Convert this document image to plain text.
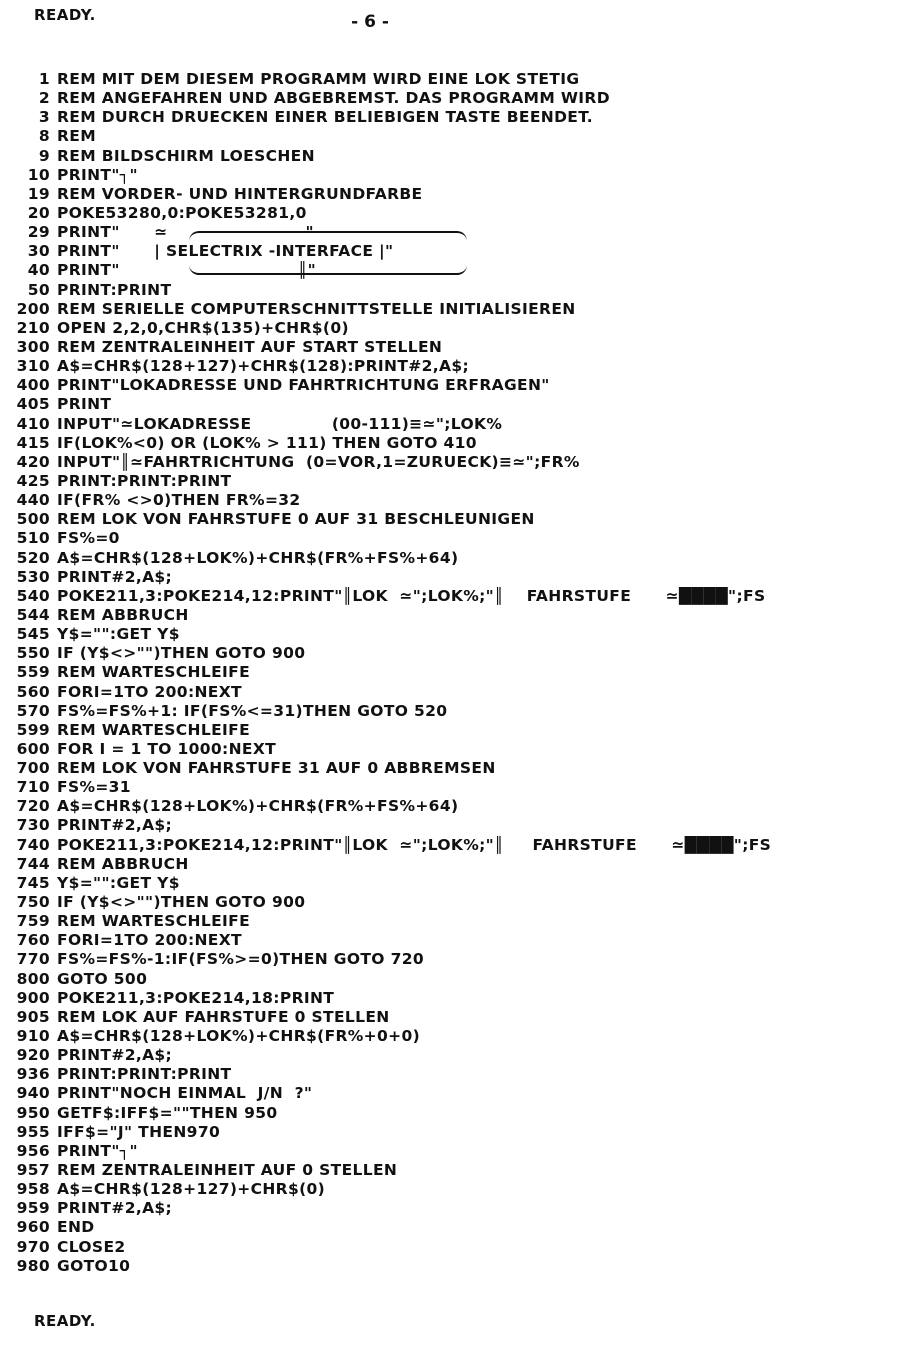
READY.	- 6 -
1 REM MIT DEM DIESEM PROGRAMM WIRD EINE LOK STETIG
2 REM ANGEFAHREN UND ABGEBREMST. DAS PROGRAMM WIRD
3 REM DURCH DRUECKEN EINER BELIEBIGEN TASTE BEENDET.
8 REM
9 REM BILDSCHIRM LOESCHEN
10 PRINT"┐"
19 REM VORDER- UND HINTERGRUNDFARBE
20 POKE53280,0:POKE53281,0
29 PRINT"      ≃                        "
30 PRINT"      | SELECTRIX -INTERFACE |"
40 PRINT"                               ║"
50 PRINT:PRINT
200 REM SERIELLE COMPUTERSCHNITTSTELLE INITIALISIEREN
210 OPEN 2,2,0,CHR$(135)+CHR$(0)
300 REM ZENTRALEINHEIT AUF START STELLEN
310 A$=CHR$(128+127)+CHR$(128):PRINT#2,A$;
400 PRINT"LOKADRESSE UND FAHRTRICHTUNG ERFRAGEN"
405 PRINT
410 INPUT"≃LOKADRESSE              (00-111)≡≃";LOK%
415 IF(LOK%<0) OR (LOK% > 111) THEN GOTO 410
420 INPUT"║≃FAHRTRICHTUNG  (0=VOR,1=ZURUECK)≡≃";FR%
425 PRINT:PRINT:PRINT
440 IF(FR% <>0)THEN FR%=32
500 REM LOK VON FAHRSTUFE 0 AUF 31 BESCHLEUNIGEN
510 FS%=0
520 A$=CHR$(128+LOK%)+CHR$(FR%+FS%+64)
530 PRINT#2,A$;
540 POKE211,3:POKE214,12:PRINT"║LOK  ≃";LOK%;"║    FAHRSTUFE      ≃████";FS
544 REM ABBRUCH
545 Y$="":GET Y$
550 IF (Y$<>"")THEN GOTO 900
559 REM WARTESCHLEIFE
560 FORI=1TO 200:NEXT
570 FS%=FS%+1: IF(FS%<=31)THEN GOTO 520
599 REM WARTESCHLEIFE
600 FOR I = 1 TO 1000:NEXT
700 REM LOK VON FAHRSTUFE 31 AUF 0 ABBREMSEN
710 FS%=31
720 A$=CHR$(128+LOK%)+CHR$(FR%+FS%+64)
730 PRINT#2,A$;
740 POKE211,3:POKE214,12:PRINT"║LOK  ≃";LOK%;"║     FAHRSTUFE      ≃████";FS
744 REM ABBRUCH
745 Y$="":GET Y$
750 IF (Y$<>"")THEN GOTO 900
759 REM WARTESCHLEIFE
760 FORI=1TO 200:NEXT
770 FS%=FS%-1:IF(FS%>=0)THEN GOTO 720
800 GOTO 500
900 POKE211,3:POKE214,18:PRINT
905 REM LOK AUF FAHRSTUFE 0 STELLEN
910 A$=CHR$(128+LOK%)+CHR$(FR%+0+0)
920 PRINT#2,A$;
936 PRINT:PRINT:PRINT
940 PRINT"NOCH EINMAL  J/N  ?"
950 GETF$:IFF$=""THEN 950
955 IFF$="J" THEN970
956 PRINT"┐"
957 REM ZENTRALEINHEIT AUF 0 STELLEN
958 A$=CHR$(128+127)+CHR$(0)
959 PRINT#2,A$;
960 END
970 CLOSE2
980 GOTO10
READY.
